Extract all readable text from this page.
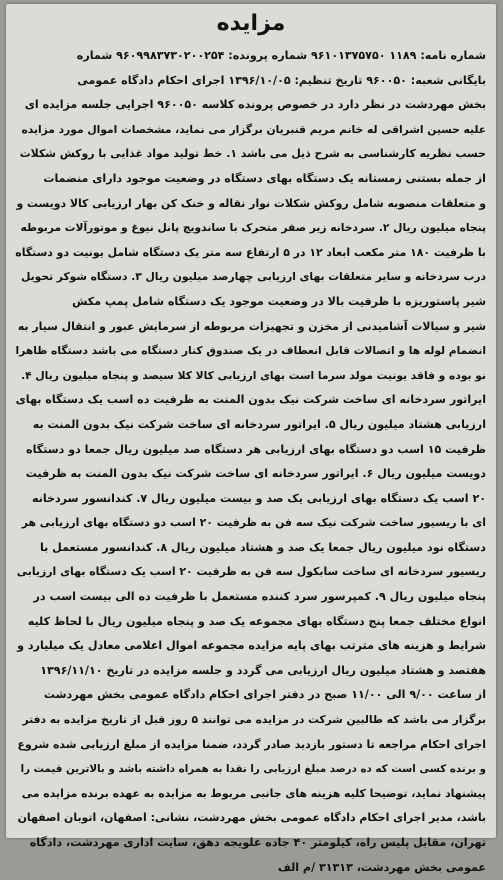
مزایده
شماره نامه: ۱۱۸۹ ۹۶۱۰۱۳۷۵۷۵۰ شماره پرونده: ۹۶۰۹۹۸۳۷۳۰۲۰۰۲۵۴ شماره
بایگانی شعبه: ۹۶۰۰۵۰ تاریخ تنظیم: ۱۳۹۶/۱۰/۰۵ اجرای احکام دادگاه عمومی
بخش مهردشت در نظر دارد در خصوص پرونده کلاسه ۹۶۰۰۵۰ اجرایی جلسه مزایده ای
علیه حسین اشراقی له خانم مریم قنبریان برگزار می نماید، مشخصات اموال مورد مزایده
حسب نظریه کارشناسی به شرح ذیل می باشد ۱. خط تولید مواد غذایی با روکش شکلات
از جمله بستنی زمستانه یک دستگاه بهای دستگاه در وضعیت موجود دارای منضمات
و متعلقات منصوبه شامل روکش شکلات نوار نقاله و خنک کن بهار ارزیابی کالا دویست و
پنجاه میلیون ریال ۲. سردخانه زیر صفر متحرک با ساندویچ پانل نیوغ و موتورآلات مربوطه
با ظرفیت ۱۸۰ متر مکعب ابعاد ۱۲ در ۵ ارتفاع سه متر یک دستگاه شامل یونیت دو دستگاه
درب سردخانه و سایر متعلقات بهای ارزیابی چهارصد میلیون ریال ۳. دستگاه شوکر تحویل
شیر پاستوریزه با ظرفیت بالا در وضعیت موجود یک دستگاه شامل پمپ مکش
شیر و سیالات آشامیدنی از مخزن و تجهیزات مربوطه از سرمایش عبور و انتقال سیار به
انضمام لوله ها و اتصالات قابل انعطاف در یک صندوق کنار دستگاه می باشد دستگاه ظاهرا
نو بوده و فاقد یونیت مولد سرما است بهای ارزیابی کالا کلا سیصد و پنجاه میلیون ریال ۴.
ایراتور سردخانه ای ساخت شرکت نیک بدون المنت به ظرفیت ده اسب یک دستگاه بهای
ارزیابی هشتاد میلیون ریال ۵. ایراتور سردخانه ای ساخت شرکت نیک بدون المنت به
ظرفیت ۱۵ اسب دو دستگاه بهای ارزیابی هر دستگاه صد میلیون ریال جمعا دو دستگاه
دویست میلیون ریال ۶. ایراتور سردخانه ای ساخت شرکت نیک بدون المنت به ظرفیت
۲۰ اسب یک دستگاه بهای ارزیابی یک صد و بیست میلیون ریال ۷. کندانسور سردخانه
ای با ریسیور ساخت شرکت نیک سه فن به ظرفیت ۲۰ اسب دو دستگاه بهای ارزیابی هر
دستگاه نود میلیون ریال جمعا یک صد و هشتاد میلیون ریال ۸. کندانسور مستعمل با
ریسیور سردخانه ای ساخت سابکول سه فن به ظرفیت ۲۰ اسب یک دستگاه بهای ارزیابی
پنجاه میلیون ریال ۹. کمپرسور سرد کننده مستعمل با ظرفیت ده الی بیست اسب در
انواع مختلف جمعا پنج دستگاه بهای مجموعه یک صد و پنجاه میلیون ریال با لحاظ کلیه
شرایط و هزینه های مترتب بهای پایه مزایده مجموعه اموال اعلامی معادل یک میلیارد و
هفتصد و هشتاد میلیون ریال ارزیابی می گردد و جلسه مزایده در تاریخ ۱۳۹۶/۱۱/۱۰
از ساعت ۹/۰۰ الی ۱۱/۰۰ صبح در دفتر اجرای احکام دادگاه عمومی بخش مهردشت
برگزار می باشد که طالبین شرکت در مزایده می توانند ۵ روز قبل از تاریخ مزایده به دفتر
اجرای احکام مراجعه تا دستور بازدید صادر گردد، ضمنا مزایده از مبلغ ارزیابی شده شروع
و برنده کسی است که ده درصد مبلغ ارزیابی را نقدا به همراه داشته باشد و بالاترین قیمت را
پیشنهاد نماید، توضیحا کلیه هزینه های جانبی مربوط به مزایده به عهده برنده مزایده می
باشد، مدیر اجرای احکام دادگاه عمومی بخش مهردشت، نشانی: اصفهان، اتوبان اصفهان
تهران، مقابل پلیس راه، کیلومتر ۴۰ جاده علویجه دهق، سایت اداری مهردشت، دادگاه
عمومی بخش مهردشت، ۳۱۳۱۳ /م الف
